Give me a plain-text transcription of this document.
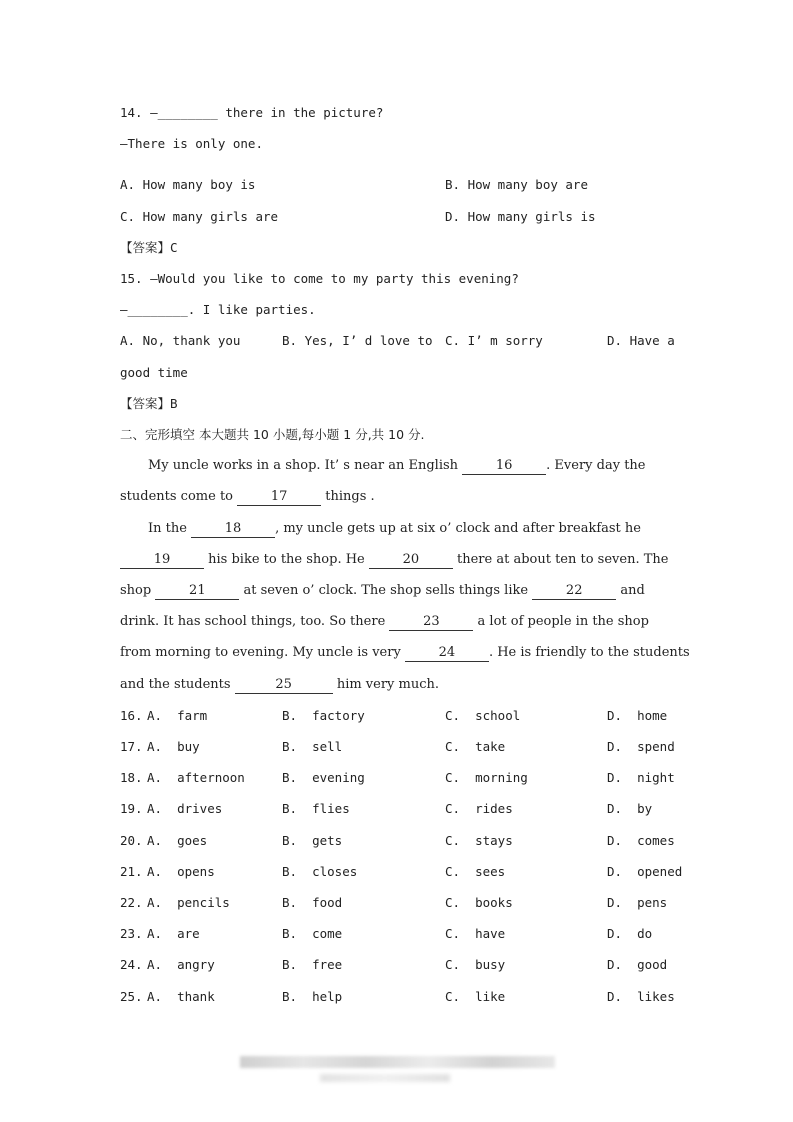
14. —________ there in the picture?
—There is only one.
A. How many boy is	B. How many boy are
C. How many girls are	D. How many girls is
【答案】C
15. —Would you like to come to my party this evening?
—________. I like parties.
A. No, thank you	B. Yes, I’ d love to C. I’ m sorry	D. Have a
good time
【答案】B
二、完形填空 本大题共 10 小题,每小题 1 分,共 10 分.
My uncle works in a shop. It’ s near an English	16	. Every day the
students come to	17	things .
In the	18	, my uncle gets up at six o’ clock and after breakfast he
19	his bike to the shop. He	20	there at about ten to seven. The
shop	21	at seven o’ clock. The shop sells things like	22	and
drink. It has school things, too. So there	23	a lot of people in the shop
from morning to evening. My uncle is very	24	. He is friendly to the students
and the students	25	him very much.
16. A.  farm	B.  factory	C.  school	D.  home
17. A.  buy	B.  sell	C.  take	D.  spend
18. A.  afternoon	B.  evening	C.  morning	D.  night
19. A.  drives	B.  flies	C.  rides	D.  by
20. A.  goes	B.  gets	C.  stays	D.  comes
21. A.  opens	B.  closes	C.  sees	D.  opened
22. A.  pencils	B.  food	C.  books	D.  pens
23. A.  are	B.  come	C.  have	D.  do
24. A.  angry	B.  free	C.  busy	D.  good
25. A.  thank	B.  help	C.  like	D.  likes
